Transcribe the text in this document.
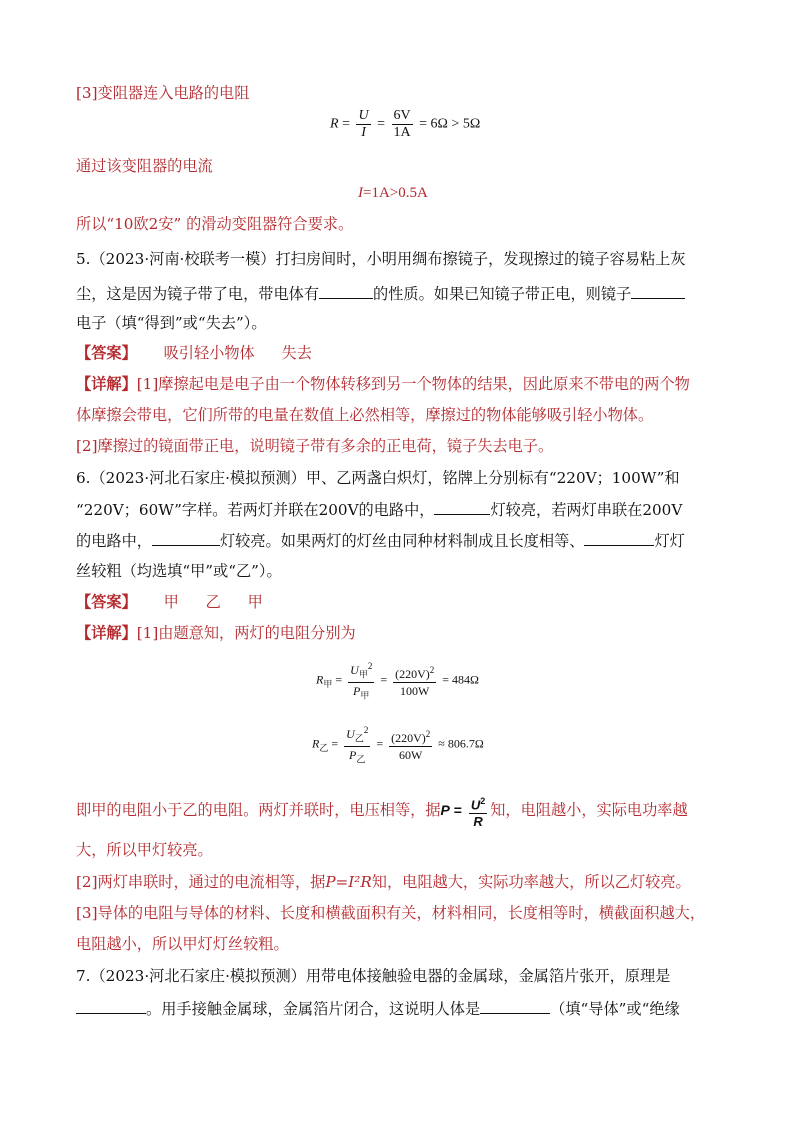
[3]变阻器连入电路的电阻
$R = \frac{U}{I} = \frac{6V}{1A} = 6\Omega > 5\Omega$
通过该变阻器的电流
I=1A>0.5A
所以“10欧2安” 的滑动变阻器符合要求。
5.（2023·河南·校联考一模）打扫房间时，小明用绸布擦镜子，发现擦过的镜子容易粘上灰
尘，这是因为镜子带了电，带电体有	的性质。如果已知镜子带正电，则镜子
电子（填“得到”或“失去”）。
【答案】 吸引轻小物体 失去
【详解】[1]摩擦起电是电子由一个物体转移到另一个物体的结果，因此原来不带电的两个物
体摩擦会带电，它们所带的电量在数值上必然相等，摩擦过的物体能够吸引轻小物体。
[2]摩擦过的镜面带正电，说明镜子带有多余的正电荷，镜子失去电子。
6.（2023·河北石家庄·模拟预测）甲、乙两盏白炽灯，铭牌上分别标有“220V；100W”和
“220V；60W”字样。若两灯并联在200V的电路中，	灯较亮，若两灯串联在200V
的电路中，	灯较亮。如果两灯的灯丝由同种材料制成且长度相等、	灯灯
丝较粗（均选填“甲”或“乙”）。
【答案】 甲 乙 甲
【详解】[1]由题意知，两灯的电阻分别为
$R_甲 = \frac{U_甲^2}{P_甲} = \frac{(220V)^2}{100W} = 484\Omega$
$R_乙 = \frac{U_乙^2}{P_乙} = \frac{(220V)^2}{60W} \approx 806.7\Omega$
即甲的电阻小于乙的电阻。两灯并联时，电压相等，据$P = \frac{U^2}{R}$ 知，电阻越小，实际电功率越
大，所以甲灯较亮。
[2]两灯串联时，通过的电流相等，据P=I²R知，电阻越大，实际功率越大，所以乙灯较亮。
[3]导体的电阻与导体的材料、长度和横截面积有关，材料相同，长度相等时，横截面积越大，
电阻越小，所以甲灯灯丝较粗。
7.（2023·河北石家庄·模拟预测）用带电体接触验电器的金属球，金属箔片张开，原理是
。用手接触金属球，金属箔片闭合，这说明人体是	（填“导体”或“绝缘
